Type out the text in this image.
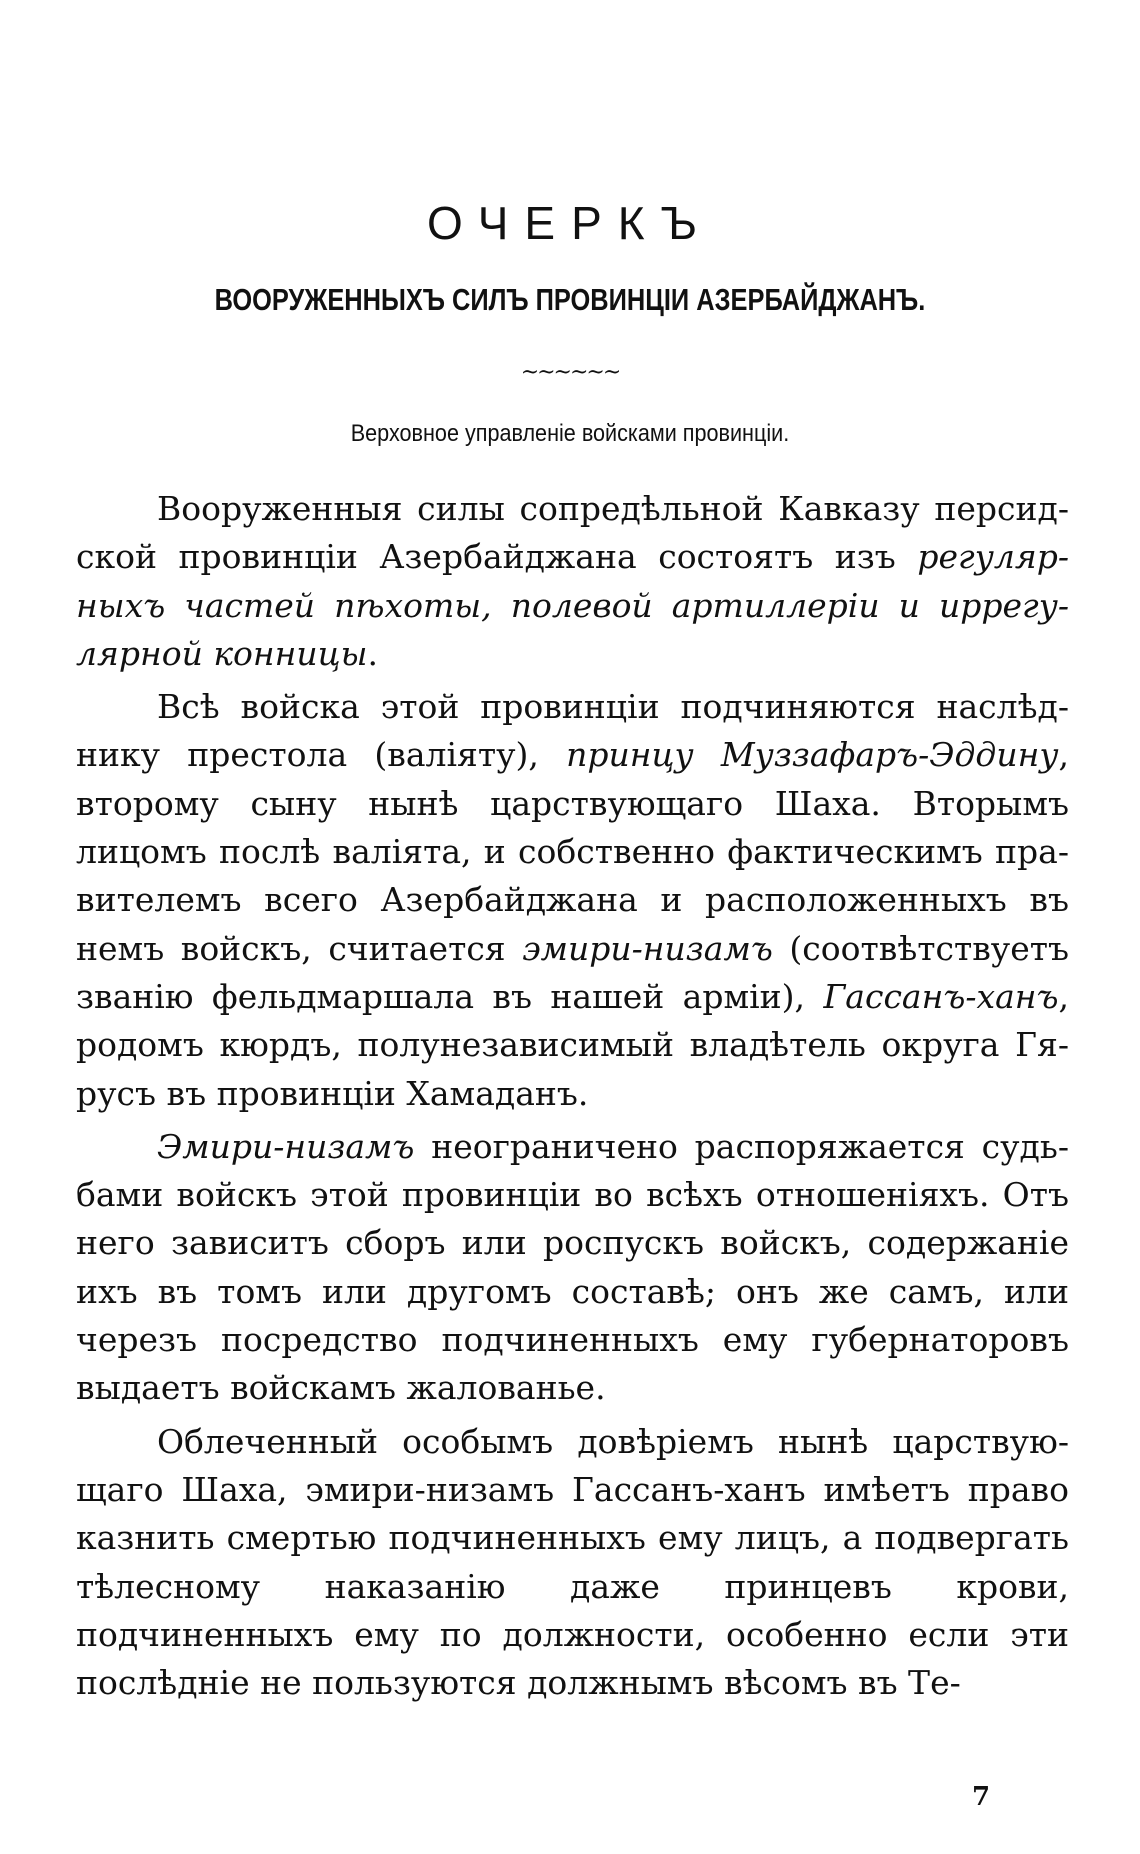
ОЧЕРКЪ
ВООРУЖЕННЫХЪ СИЛЪ ПРОВИНЦІИ АЗЕРБАЙДЖАНЪ.
~~~~~~
Верховное управленіе войсками провинціи.

Вооруженныя силы сопредѣльной Кавказу персидской провинціи Азербайджана состоятъ изъ регулярныхъ частей пѣхоты, полевой артиллеріи и иррегулярной конницы.

Всѣ войска этой провинціи подчиняются наслѣднику престола (валіяту), принцу Муззафаръ-Эддину, второму сыну нынѣ царствующаго Шаха. Вторымъ лицомъ послѣ валіята, и собственно фактическимъ правителемъ всего Азербайджана и расположенныхъ въ немъ войскъ, считается эмири-низамъ (соотвѣтствуетъ званію фельдмаршала въ нашей арміи), Гассанъ-ханъ, родомъ кюрдъ, полунезависимый владѣтель округа Гярусъ въ провинціи Хамаданъ.

Эмири-низамъ неограничено распоряжается судьбами войскъ этой провинціи во всѣхъ отношеніяхъ. Отъ него зависитъ сборъ или роспускъ войскъ, содержаніе ихъ въ томъ или другомъ составѣ; онъ же самъ, или черезъ посредство подчиненныхъ ему губернаторовъ выдаетъ войскамъ жалованье.

Облеченный особымъ довѣріемъ нынѣ царствующаго Шаха, эмири-низамъ Гассанъ-ханъ имѣетъ право казнить смертью подчиненныхъ ему лицъ, а подвергать тѣлесному наказанію даже принцевъ крови, подчиненныхъ ему по должности, особенно если эти послѣдніе не пользуются должнымъ вѣсомъ въ Те-

7
